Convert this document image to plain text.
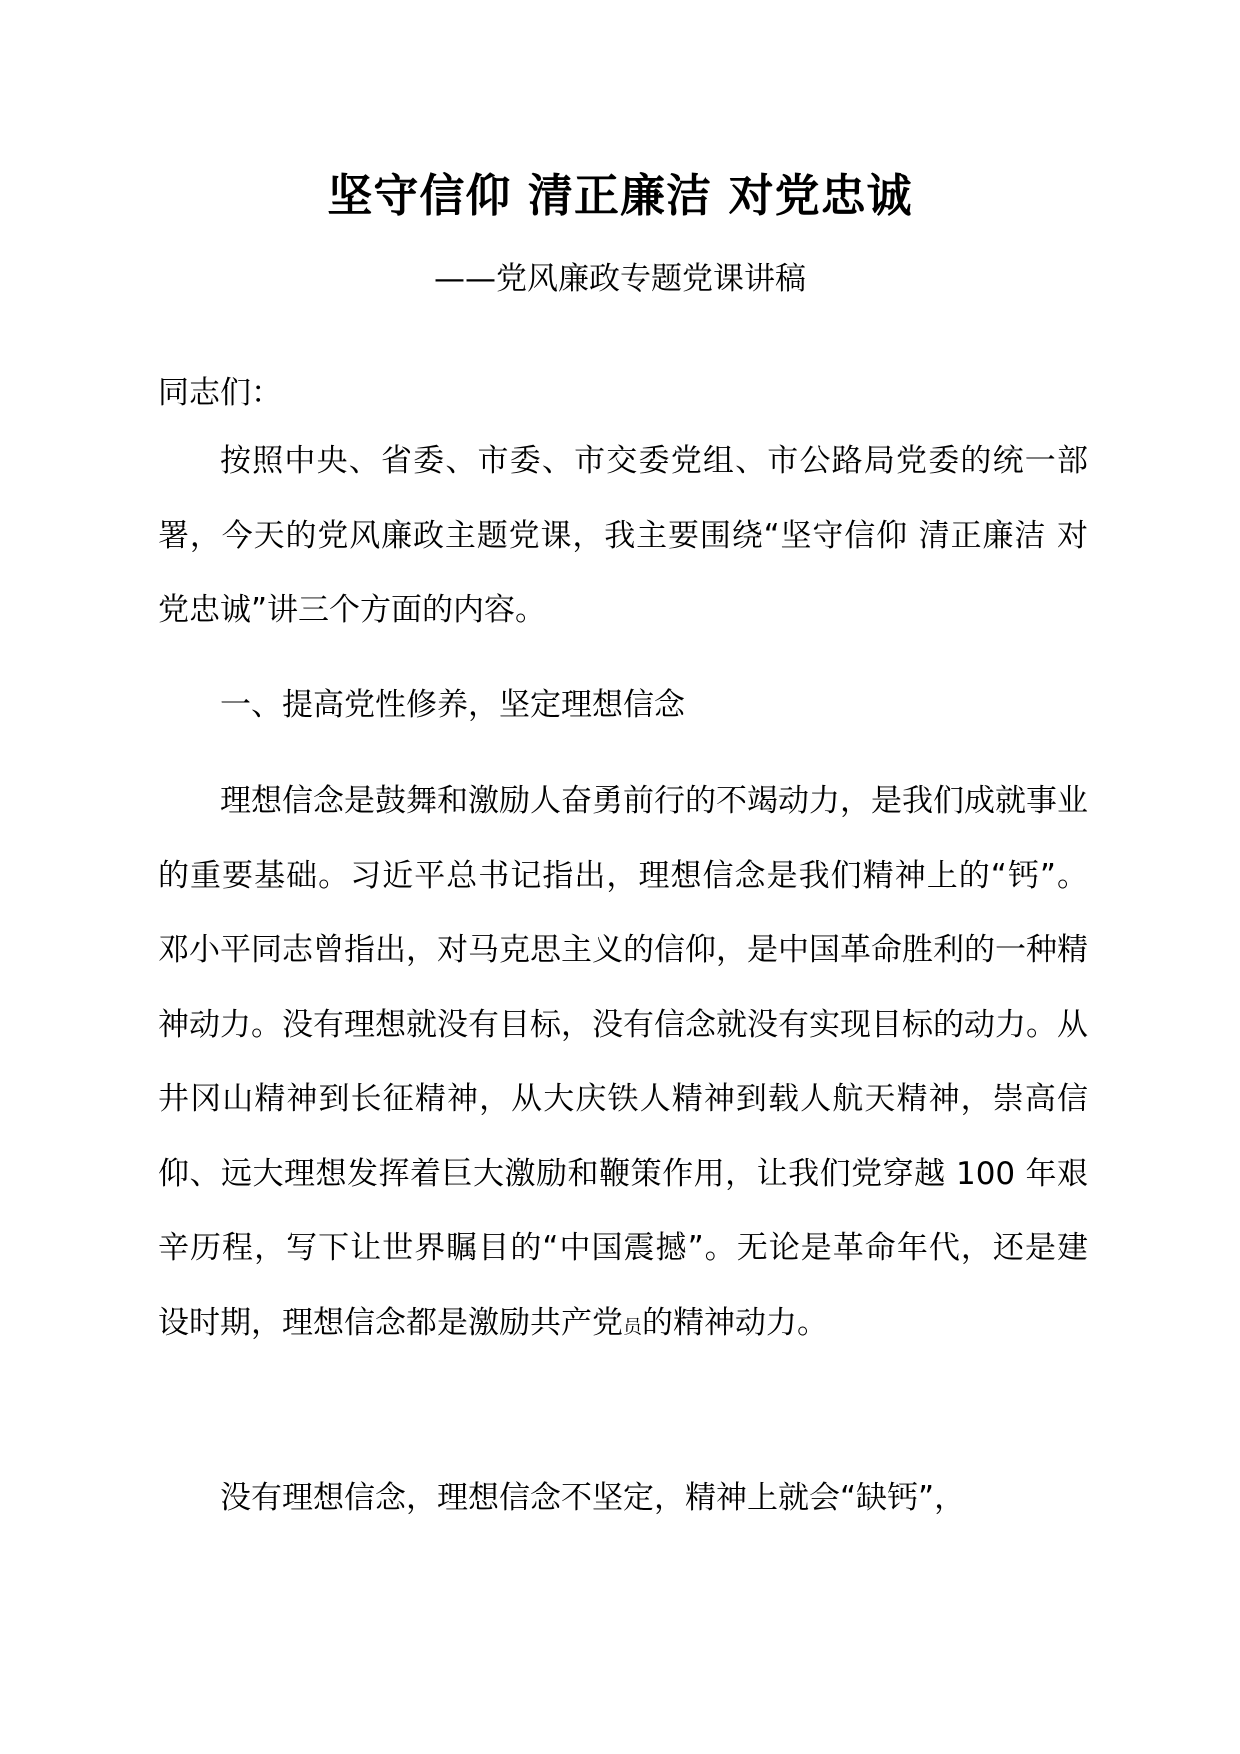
坚守信仰 清正廉洁 对党忠诚
——党风廉政专题党课讲稿

同志们：

按照中央、省委、市委、市交委党组、市公路局党委的统一部署，今天的党风廉政主题党课，我主要围绕“坚守信仰 清正廉洁 对党忠诚”讲三个方面的内容。

一、提高党性修养，坚定理想信念

理想信念是鼓舞和激励人奋勇前行的不竭动力，是我们成就事业的重要基础。习近平总书记指出，理想信念是我们精神上的“钙”。邓小平同志曾指出，对马克思主义的信仰，是中国革命胜利的一种精神动力。没有理想就没有目标，没有信念就没有实现目标的动力。从井冈山精神到长征精神，从大庆铁人精神到载人航天精神，崇高信仰、远大理想发挥着巨大激励和鞭策作用，让我们党穿越 100 年艰辛历程，写下让世界瞩目的“中国震撼”。无论是革命年代，还是建设时期，理想信念都是激励共产党员的精神动力。

没有理想信念，理想信念不坚定，精神上就会“缺钙”，
